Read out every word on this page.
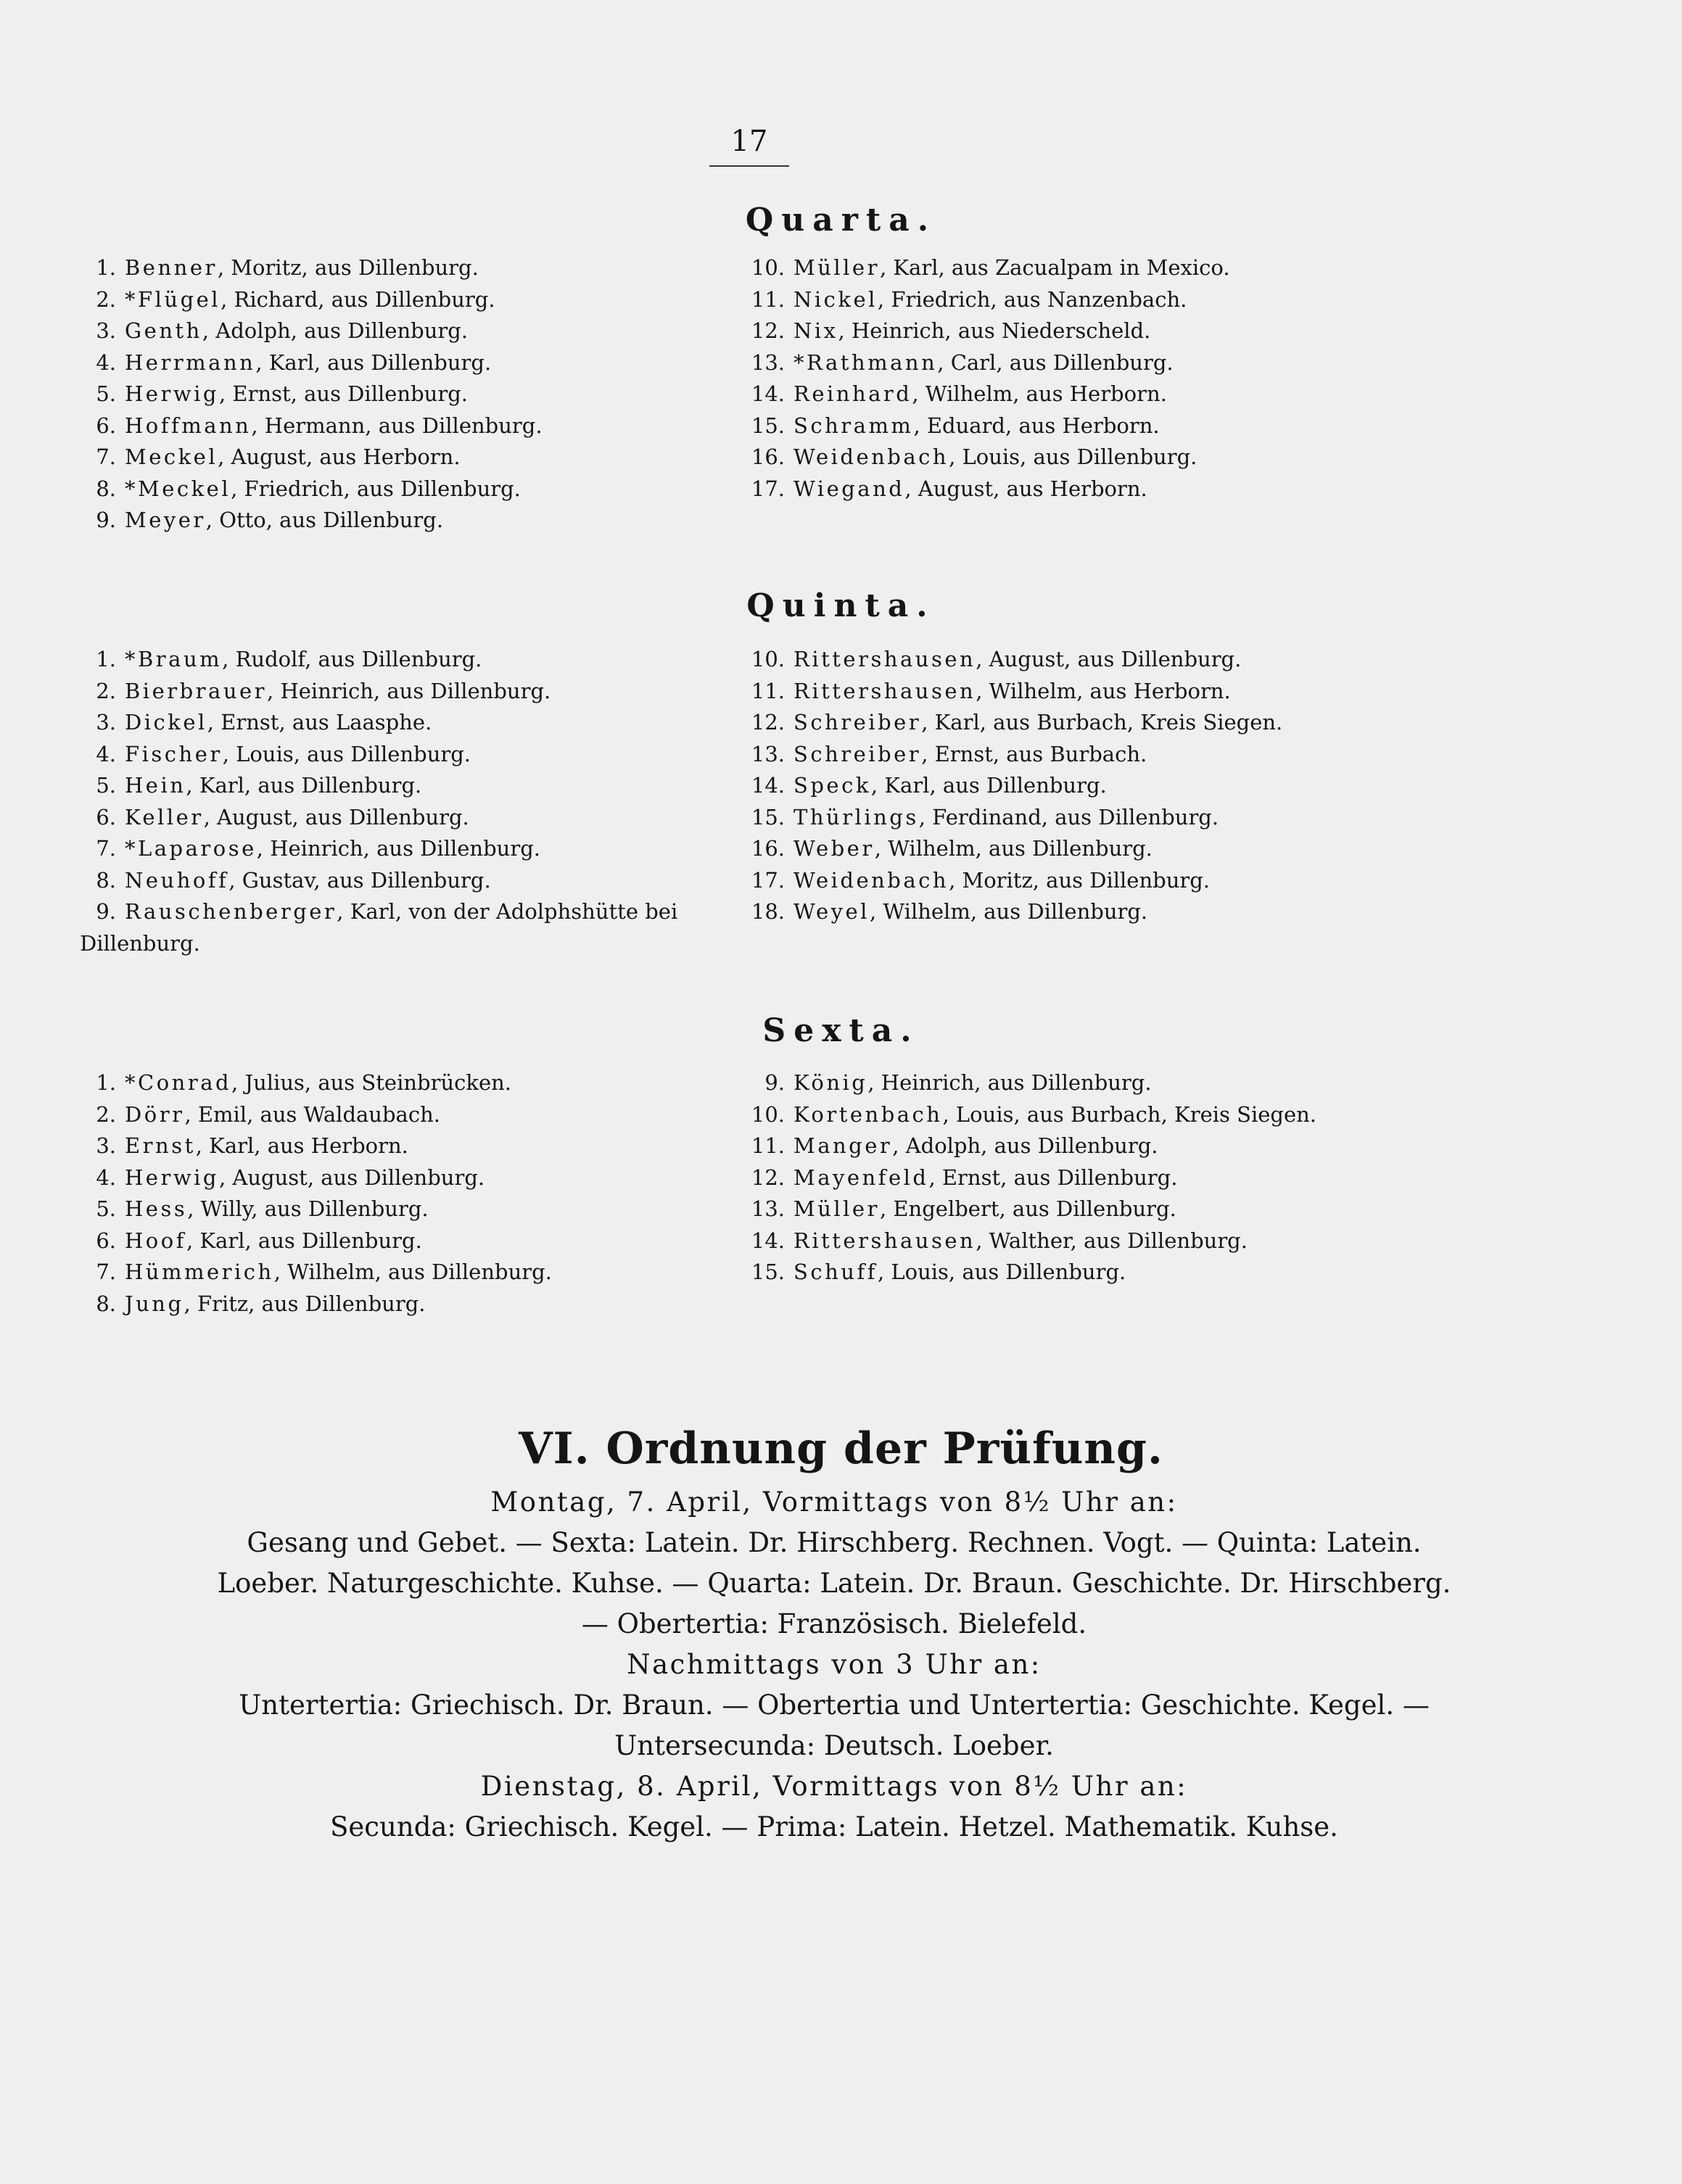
17
Quarta.
1. Benner, Moritz, aus Dillenburg.
2. *Flügel, Richard, aus Dillenburg.
3. Genth, Adolph, aus Dillenburg.
4. Herrmann, Karl, aus Dillenburg.
5. Herwig, Ernst, aus Dillenburg.
6. Hoffmann, Hermann, aus Dillenburg.
7. Meckel, August, aus Herborn.
8. *Meckel, Friedrich, aus Dillenburg.
9. Meyer, Otto, aus Dillenburg.
10. Müller, Karl, aus Zacualpam in Mexico.
11. Nickel, Friedrich, aus Nanzenbach.
12. Nix, Heinrich, aus Niederscheld.
13. *Rathmann, Carl, aus Dillenburg.
14. Reinhard, Wilhelm, aus Herborn.
15. Schramm, Eduard, aus Herborn.
16. Weidenbach, Louis, aus Dillenburg.
17. Wiegand, August, aus Herborn.
Quinta.
1. *Braum, Rudolf, aus Dillenburg.
2. Bierbrauer, Heinrich, aus Dillenburg.
3. Dickel, Ernst, aus Laasphe.
4. Fischer, Louis, aus Dillenburg.
5. Hein, Karl, aus Dillenburg.
6. Keller, August, aus Dillenburg.
7. *Laparose, Heinrich, aus Dillenburg.
8. Neuhoff, Gustav, aus Dillenburg.
9. Rauschenberger, Karl, von der Adolphshütte bei
Dillenburg.
10. Rittershausen, August, aus Dillenburg.
11. Rittershausen, Wilhelm, aus Herborn.
12. Schreiber, Karl, aus Burbach, Kreis Siegen.
13. Schreiber, Ernst, aus Burbach.
14. Speck, Karl, aus Dillenburg.
15. Thürlings, Ferdinand, aus Dillenburg.
16. Weber, Wilhelm, aus Dillenburg.
17. Weidenbach, Moritz, aus Dillenburg.
18. Weyel, Wilhelm, aus Dillenburg.
Sexta.
1. *Conrad, Julius, aus Steinbrücken.
2. Dörr, Emil, aus Waldaubach.
3. Ernst, Karl, aus Herborn.
4. Herwig, August, aus Dillenburg.
5. Hess, Willy, aus Dillenburg.
6. Hoof, Karl, aus Dillenburg.
7. Hümmerich, Wilhelm, aus Dillenburg.
8. Jung, Fritz, aus Dillenburg.
9. König, Heinrich, aus Dillenburg.
10. Kortenbach, Louis, aus Burbach, Kreis Siegen.
11. Manger, Adolph, aus Dillenburg.
12. Mayenfeld, Ernst, aus Dillenburg.
13. Müller, Engelbert, aus Dillenburg.
14. Rittershausen, Walther, aus Dillenburg.
15. Schuff, Louis, aus Dillenburg.
VI. Ordnung der Prüfung.
Montag, 7. April, Vormittags von 8½ Uhr an:
Gesang und Gebet. — Sexta: Latein. Dr. Hirschberg. Rechnen. Vogt. — Quinta: Latein.
Loeber. Naturgeschichte. Kuhse. — Quarta: Latein. Dr. Braun. Geschichte. Dr. Hirschberg.
— Obertertia: Französisch. Bielefeld.
Nachmittags von 3 Uhr an:
Untertertia: Griechisch. Dr. Braun. — Obertertia und Untertertia: Geschichte. Kegel. —
Untersecunda: Deutsch. Loeber.
Dienstag, 8. April, Vormittags von 8½ Uhr an:
Secunda: Griechisch. Kegel. — Prima: Latein. Hetzel. Mathematik. Kuhse.
